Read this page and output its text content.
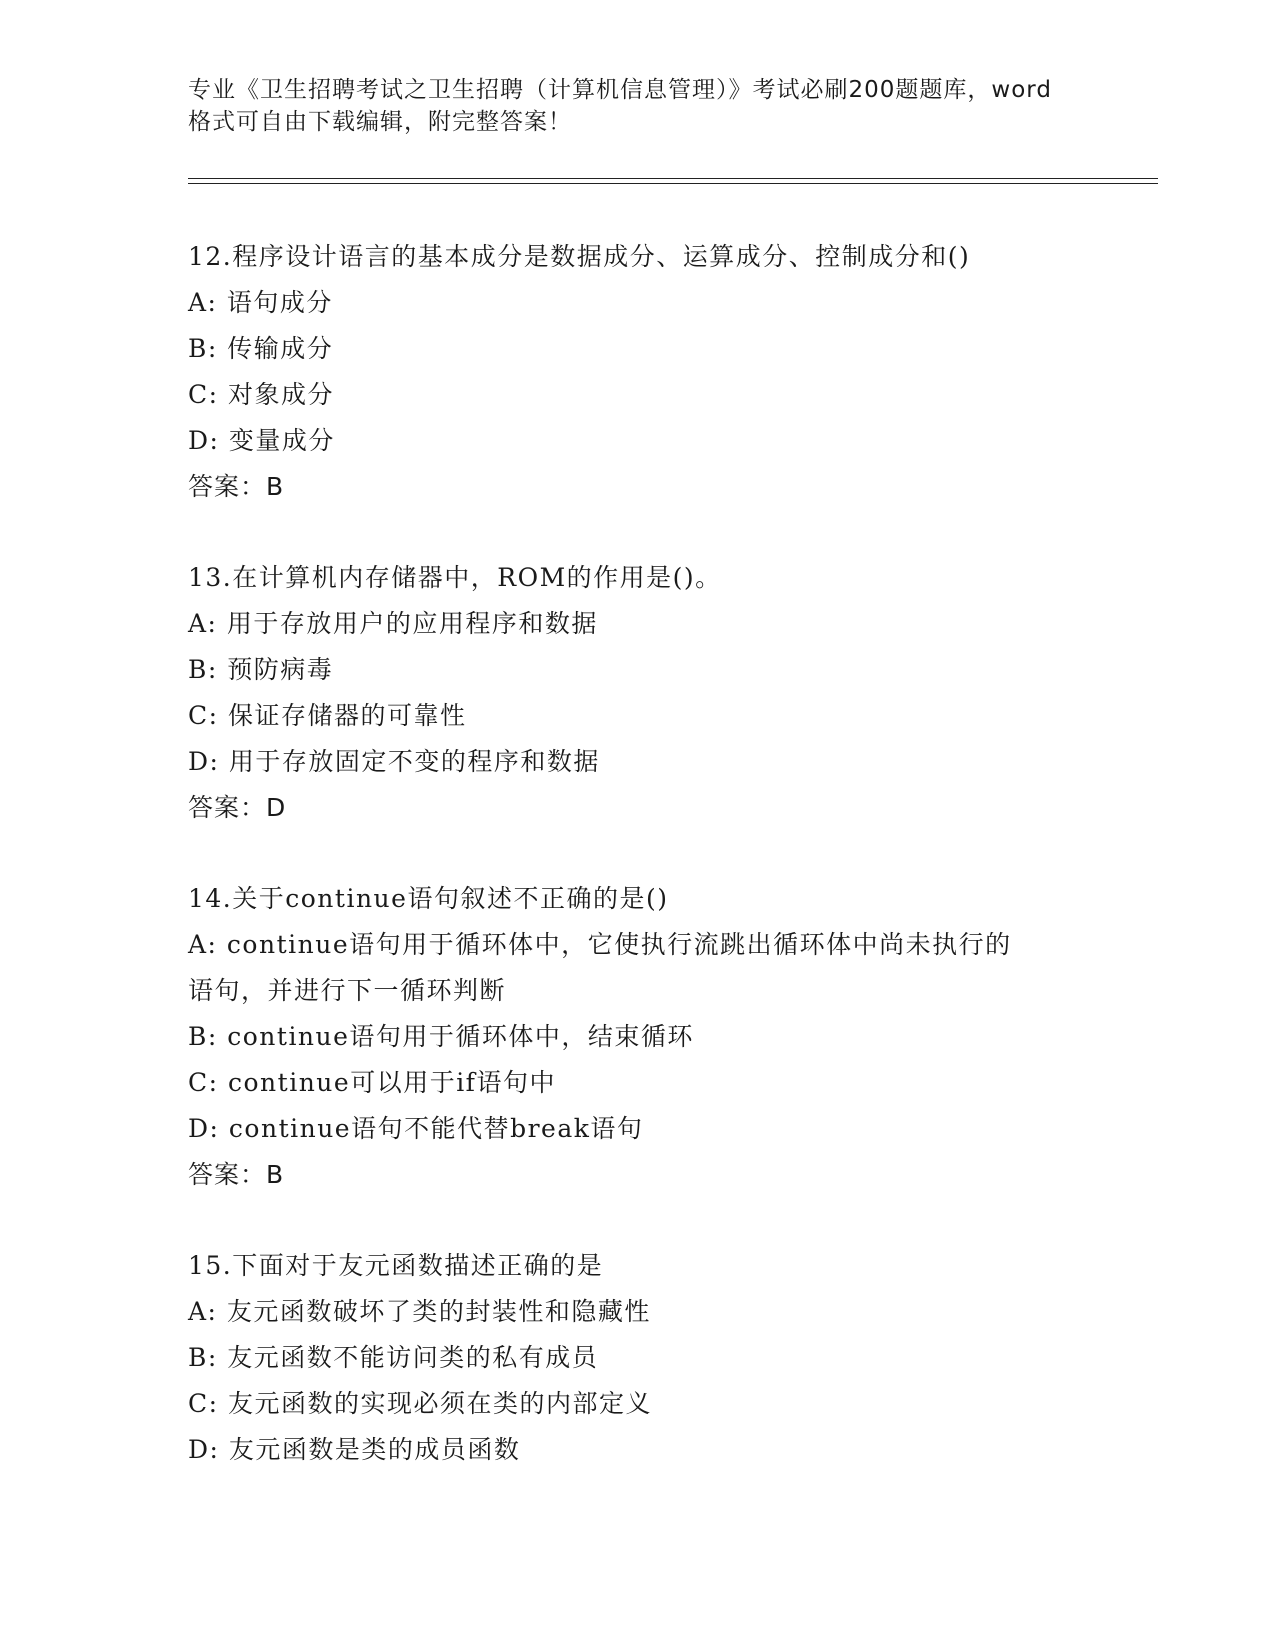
专业《卫生招聘考试之卫生招聘（计算机信息管理）》考试必刷200题题库，word
格式可自由下载编辑，附完整答案！
12.程序设计语言的基本成分是数据成分、运算成分、控制成分和()
A: 语句成分
B: 传输成分
C: 对象成分
D: 变量成分
答案：B
13.在计算机内存储器中，ROM的作用是()。
A: 用于存放用户的应用程序和数据
B: 预防病毒
C: 保证存储器的可靠性
D: 用于存放固定不变的程序和数据
答案：D
14.关于continue语句叙述不正确的是()
A: continue语句用于循环体中，它使执行流跳出循环体中尚未执行的
语句，并进行下一循环判断
B: continue语句用于循环体中，结束循环
C: continue可以用于if语句中
D: continue语句不能代替break语句
答案：B
15.下面对于友元函数描述正确的是
A: 友元函数破坏了类的封装性和隐藏性
B: 友元函数不能访问类的私有成员
C: 友元函数的实现必须在类的内部定义
D: 友元函数是类的成员函数
